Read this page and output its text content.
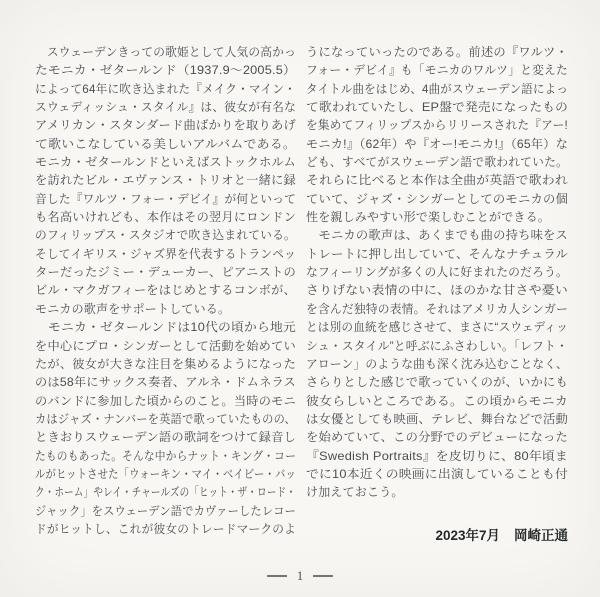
　スウェーデンきっての歌姫として人気の高かっ
たモニカ・ゼタールンド（1937.9～2005.5）
によって64年に吹き込まれた『メイク・マイン・
スウェディッシュ・スタイル』は、彼女が有名な
アメリカン・スタンダード曲ばかりを取りあげ
て歌いこなしている美しいアルバムである。
モニカ・ゼタールンドといえばストックホルム
を訪れたビル・エヴァンス・トリオと一緒に録
音した『ワルツ・フォー・デビイ』が何といって
も名高いけれども、本作はその翌月にロンドン
のフィリップス・スタジオで吹き込まれている。
そしてイギリス・ジャズ界を代表するトランペッ
ターだったジミー・デューカー、ピアニストの
ビル・マクガフィーをはじめとするコンボが、
モニカの歌声をサポートしている。
　モニカ・ゼタールンドは10代の頃から地元
を中心にプロ・シンガーとして活動を始めてい
たが、彼女が大きな注目を集めるようになった
のは58年にサックス奏者、アルネ・ドムネラス
のバンドに参加した頃からのこと。当時のモニ
カはジャズ・ナンバーを英語で歌っていたものの、
ときおりスウェーデン語の歌詞をつけて録音し
たものもあった。そんな中からナット・キング・コー
ルがヒットさせた「ウォーキン・マイ・ベイビー・バッ
ク・ホーム」やレイ・チャールズの「ヒット・ザ・ロード・
ジャック」をスウェーデン語でカヴァーしたレコー
ドがヒットし、これが彼女のトレードマークのよ
うになっていったのである。前述の『ワルツ・
フォー・デビイ』も「モニカのワルツ」と変えた
タイトル曲をはじめ、4曲がスウェーデン語によっ
て歌われていたし、EP盤で発売になったもの
を集めてフィリップスからリリースされた『アー!
モニカ!』（62年）や『オー!モニカ!』（65年）な
ども、すべてがスウェーデン語で歌われていた。
それらに比べると本作は全曲が英語で歌われ
ていて、ジャズ・シンガーとしてのモニカの個
性を親しみやすい形で楽しむことができる。
　モニカの歌声は、あくまでも曲の持ち味をス
トレートに押し出していて、そんなナチュラル
なフィーリングが多くの人に好まれたのだろう。
さりげない表情の中に、ほのかな甘さや憂い
を含んだ独特の表情。それはアメリカ人シンガー
とは別の血統を感じさせて、まさに“スウェディッ
シュ・スタイル”と呼ぶにふさわしい。「レフト・
アローン」のような曲も深く沈み込むことなく、
さらりとした感じで歌っていくのが、いかにも
彼女らしいところである。この頃からモニカ
は女優としても映画、テレビ、舞台などで活動
を始めていて、この分野でのデビューになった
『Swedish Portraits』を皮切りに、80年頃ま
でに10本近くの映画に出演していることも付
け加えておこう。
2023年7月 岡崎正通
1
